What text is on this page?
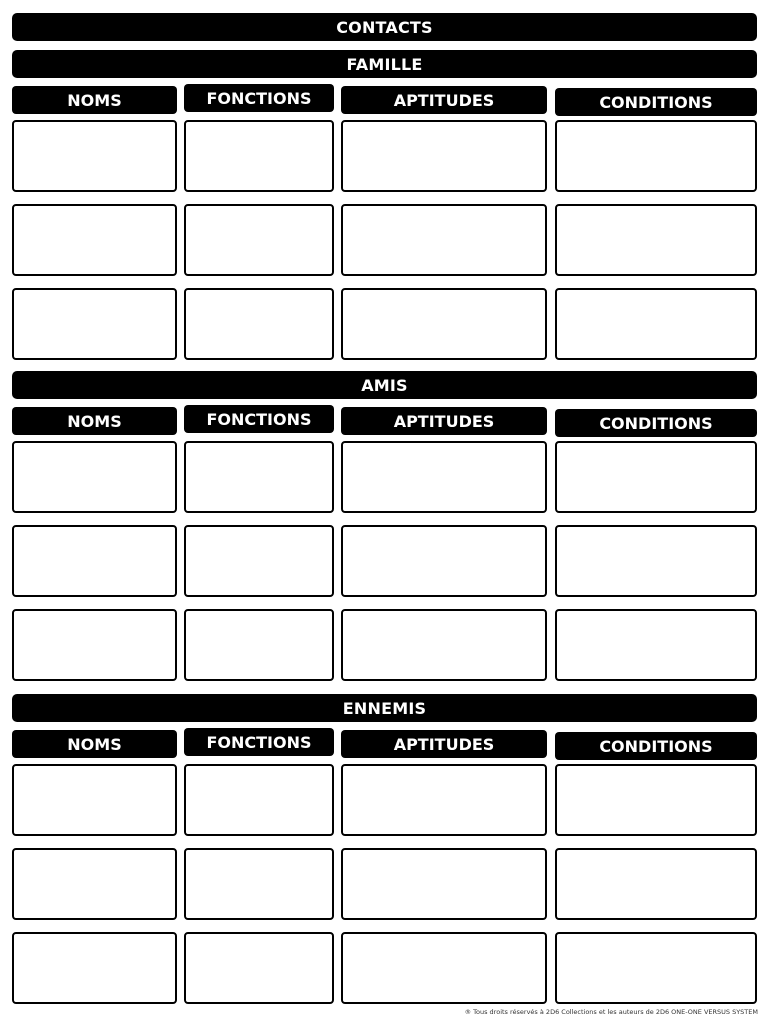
CONTACTS
FAMILLE
NOMS	FONCTIONS	APTITUDES	CONDITIONS
AMIS
NOMS	FONCTIONS	APTITUDES	CONDITIONS
ENNEMIS
NOMS	FONCTIONS	APTITUDES	CONDITIONS
® Tous droits réservés à 2D6 Collections et les auteurs de 2D6 ONE-ONE VERSUS SYSTEM
